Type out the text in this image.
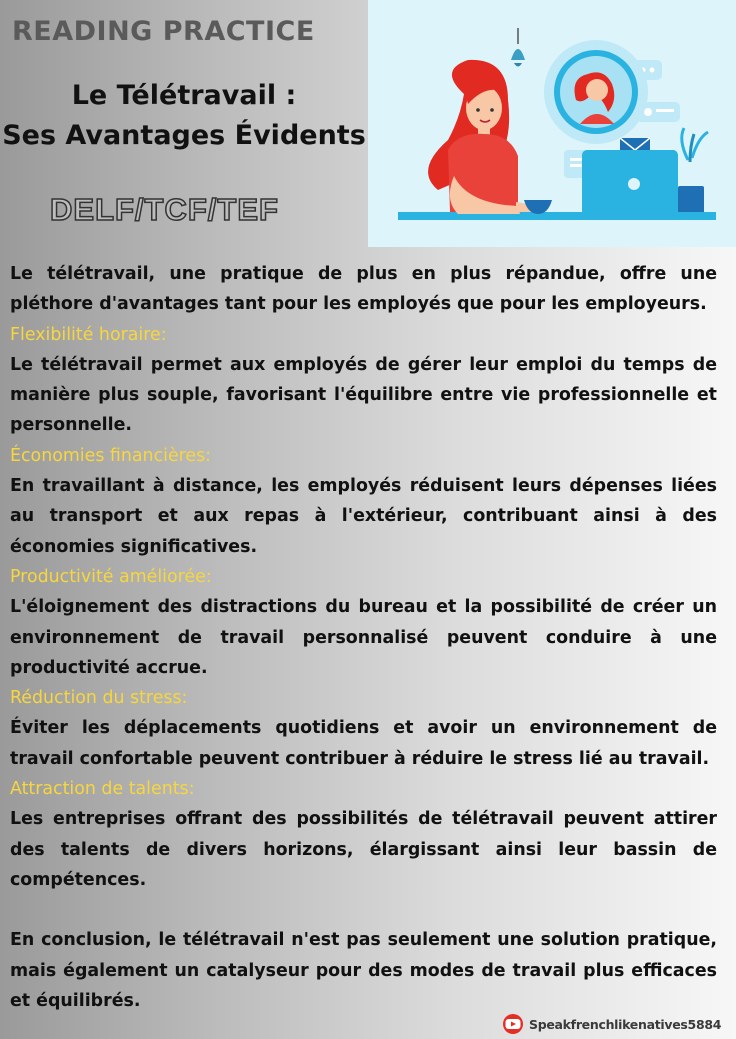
READING PRACTICE
Le Télétravail :
Ses Avantages Évidents
DELF/TCF/TEF

Le télétravail, une pratique de plus en plus répandue, offre une pléthore d'avantages tant pour les employés que pour les employeurs.

Flexibilité horaire:

Le télétravail permet aux employés de gérer leur emploi du temps de manière plus souple, favorisant l'équilibre entre vie professionnelle et personnelle.

Économies financières:

En travaillant à distance, les employés réduisent leurs dépenses liées au transport et aux repas à l'extérieur, contribuant ainsi à des économies significatives.

Productivité améliorée:

L'éloignement des distractions du bureau et la possibilité de créer un environnement de travail personnalisé peuvent conduire à une productivité accrue.

Réduction du stress:

Éviter les déplacements quotidiens et avoir un environnement de travail confortable peuvent contribuer à réduire le stress lié au travail.

Attraction de talents:

Les entreprises offrant des possibilités de télétravail peuvent attirer des talents de divers horizons, élargissant ainsi leur bassin de compétences.

En conclusion, le télétravail n'est pas seulement une solution pratique, mais également un catalyseur pour des modes de travail plus efficaces et équilibrés.

Speakfrenchlikenatives5884
